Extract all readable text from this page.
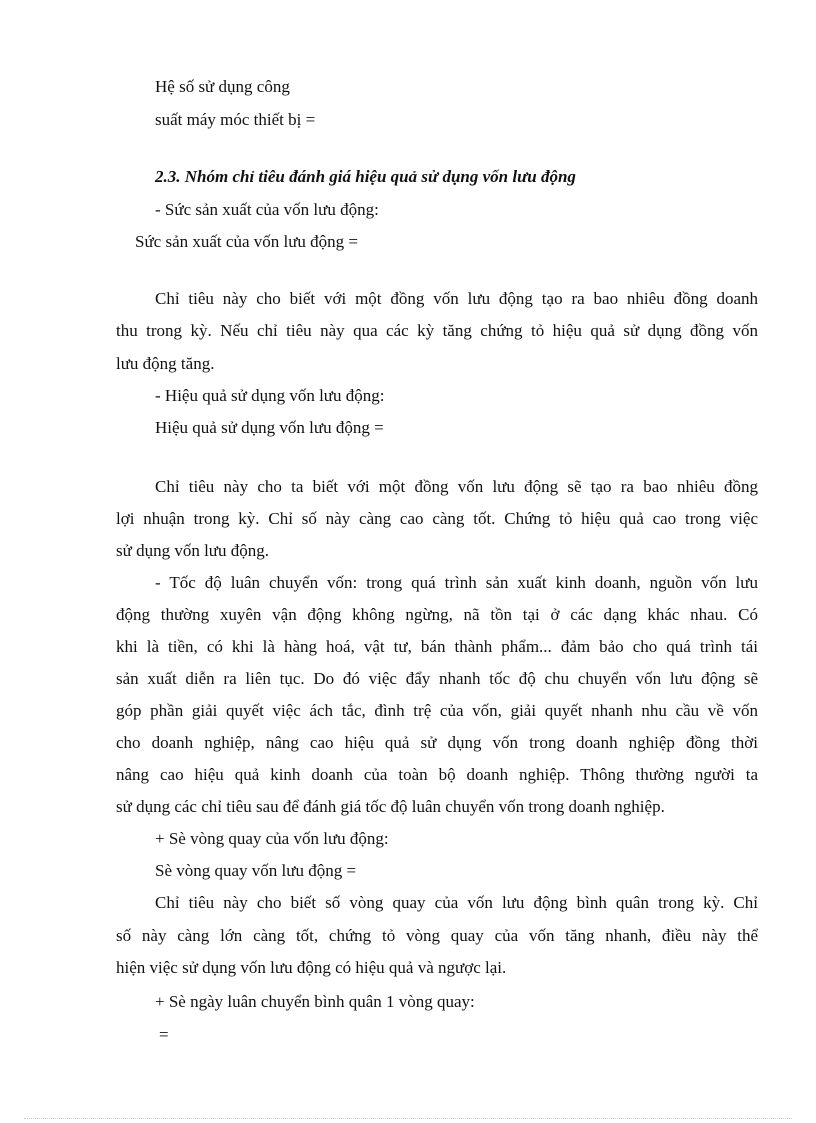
Hệ số sử dụng công
suất máy móc thiết bị =
2.3. Nhóm chỉ tiêu đánh giá hiệu quả sử dụng vốn lưu động
- Sức sản xuất của vốn lưu động:
Sức sản xuất của vốn lưu động =
Chỉ tiêu này cho biết với một đồng vốn lưu động tạo ra bao nhiêu đồng doanh
thu trong kỳ. Nếu chỉ tiêu này qua các kỳ tăng chứng tỏ hiệu quả sử dụng đồng vốn
lưu động tăng.
- Hiệu quả sử dụng vốn lưu động:
Hiệu quả sử dụng vốn lưu động =
Chỉ tiêu này cho ta biết với một đồng vốn lưu động sẽ tạo ra bao nhiêu đồng
lợi nhuận trong kỳ. Chỉ số này càng cao càng tốt. Chứng tỏ hiệu quả cao trong việc
sử dụng vốn lưu động.
- Tốc độ luân chuyển vốn: trong quá trình sản xuất kinh doanh, nguồn vốn lưu
động thường xuyên vận động không ngừng, nã tồn tại ở các dạng khác nhau. Có
khi là tiền, có khi là hàng hoá, vật tư, bán thành phẩm... đảm bảo cho quá trình tái
sản xuất diễn ra liên tục. Do đó việc đẩy nhanh tốc độ chu chuyển vốn lưu động sẽ
góp phần giải quyết việc ách tắc, đình trệ của vốn, giải quyết nhanh nhu cầu về vốn
cho doanh nghiệp, nâng cao hiệu quả sử dụng vốn trong doanh nghiệp đồng thời
nâng cao hiệu quả kinh doanh của toàn bộ doanh nghiệp. Thông thường người ta
sử dụng các chỉ tiêu sau để đánh giá tốc độ luân chuyển vốn trong doanh nghiệp.
+ Sè vòng quay của vốn lưu động:
Sè vòng quay vốn lưu động =
Chỉ tiêu này cho biết số vòng quay của vốn lưu động bình quân trong kỳ. Chỉ
số này càng lớn càng tốt, chứng tỏ vòng quay của vốn tăng nhanh, điều này thể
hiện việc sử dụng vốn lưu động có hiệu quả và ngược lại.
+ Sè ngày luân chuyển bình quân 1 vòng quay:
=
